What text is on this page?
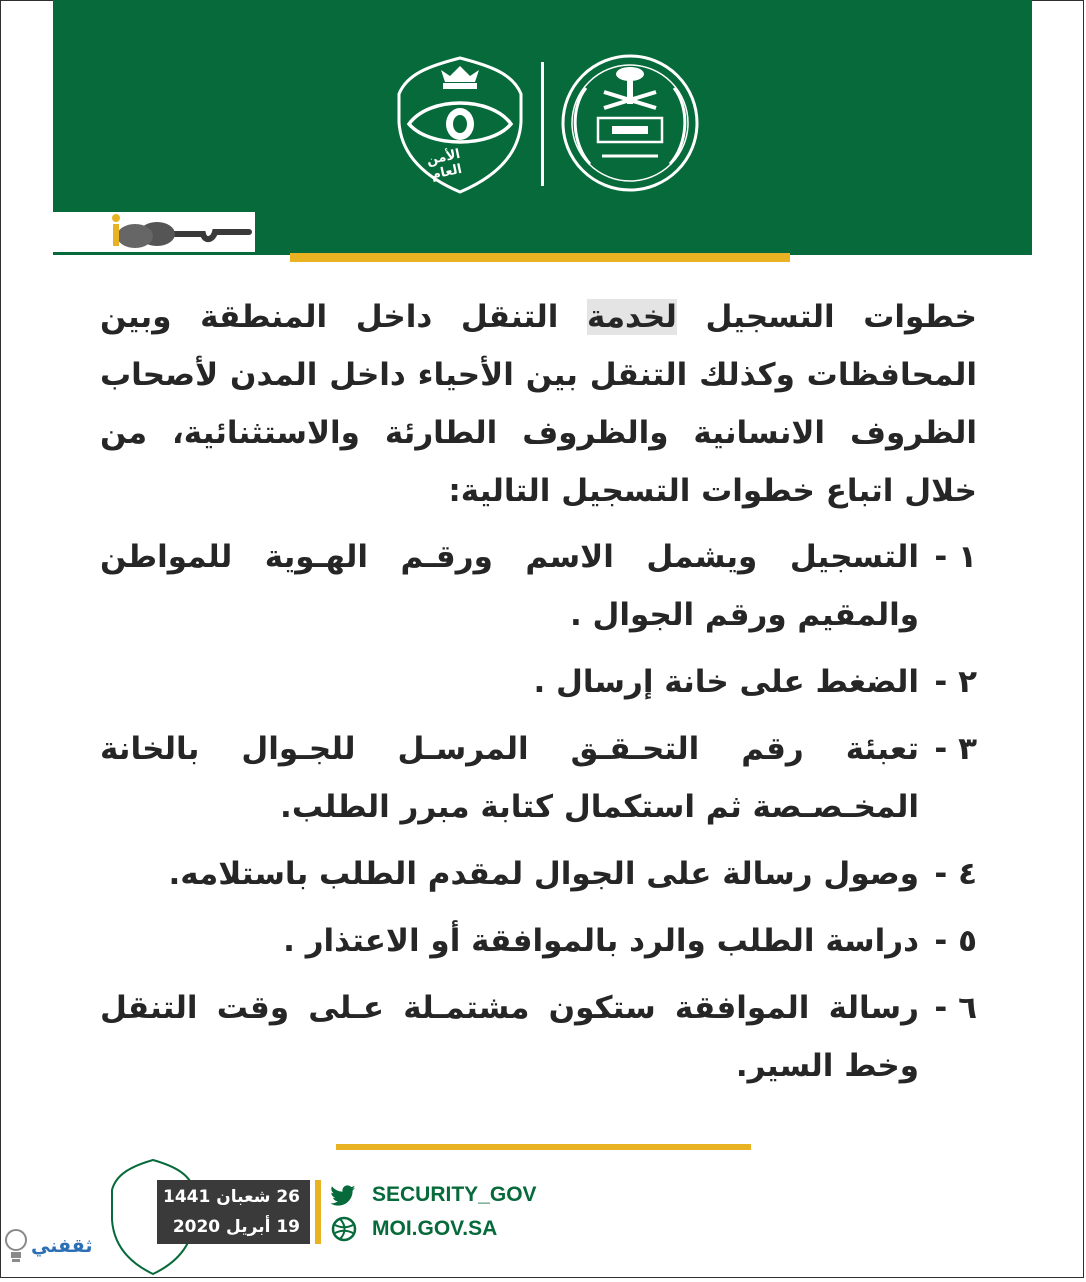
الأمن العام

خطوات التسجيل لخدمة التنقل داخل المنطقة وبين المحافظات وكذلك التنقل بين الأحياء داخل المدن لأصحاب الظروف الانسانية والظروف الطارئة والاستثنائية، من خلال اتباع خطوات التسجيل التالية:

١ -
التسجيل ويشمل الاسم ورقـم الهـوية للمواطن والمقيم ورقم الجوال .
٢ -
الضغط على خانة إرسال .
٣ -
تعبئة رقم التحـقـق المرسـل للجـوال بالخانة المخـصـصة ثم استكمال كتابة مبرر الطلب.
٤ -
وصول رسالة على الجوال لمقدم الطلب باستلامه.
٥ -
دراسة الطلب والرد بالموافقة أو الاعتذار .
٦ -
رسالة الموافقة ستكون مشتمـلة عـلى وقت التنقل وخط السير.
26 شعبان 1441
19 أبريل 2020
SECURITY_GOV
MOI.GOV.SA
ثقفني
